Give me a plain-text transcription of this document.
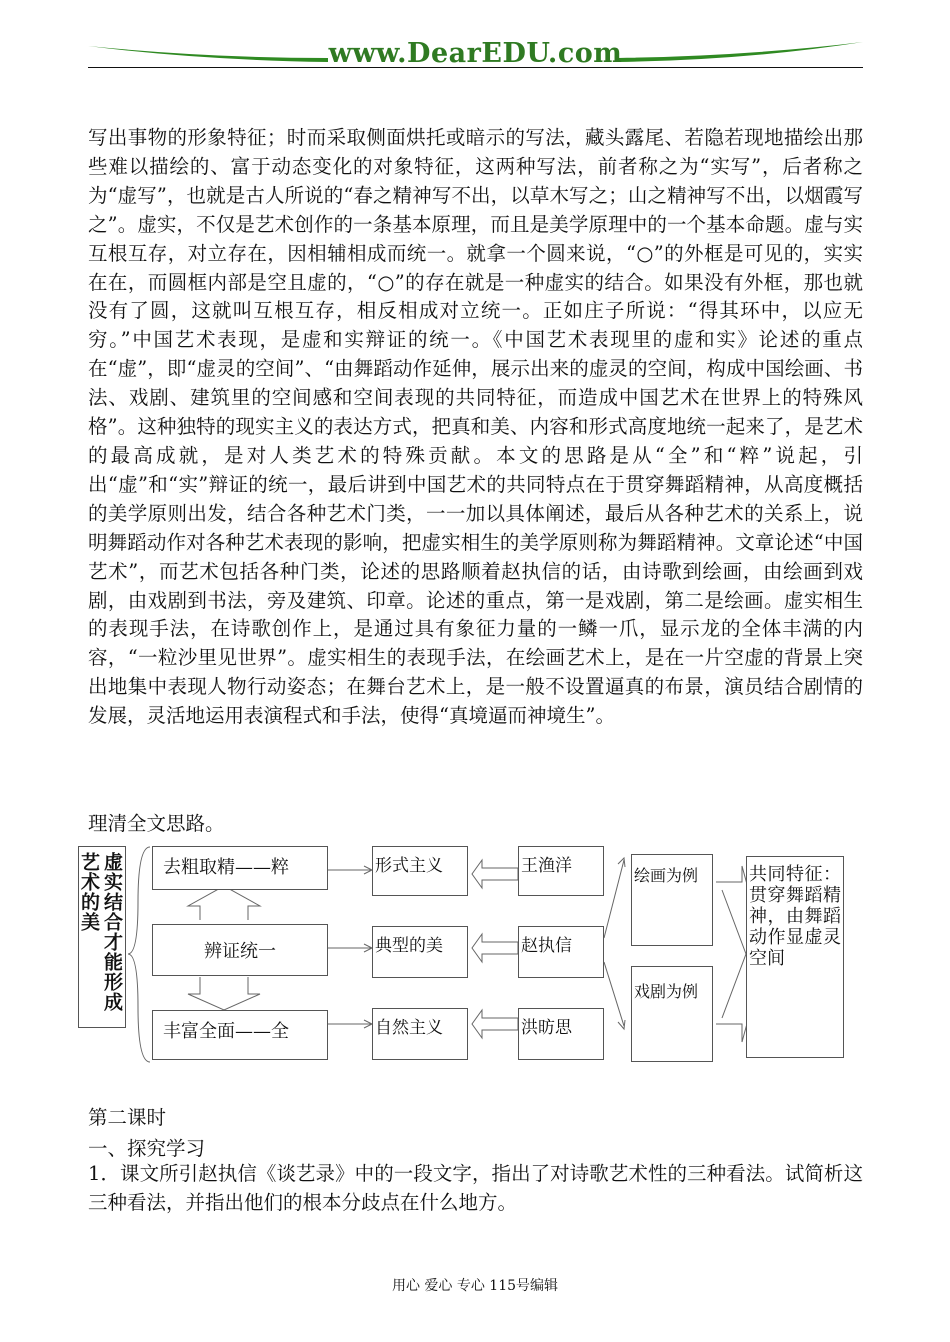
www.DearEDU.com

写出事物的形象特征；时而采取侧面烘托或暗示的写法，藏头露尾、若隐若现地描绘出那些难以描绘的、富于动态变化的对象特征，这两种写法，前者称之为“实写”，后者称之为“虚写”，也就是古人所说的“春之精神写不出，以草木写之；山之精神写不出，以烟霞写之”。虚实，不仅是艺术创作的一条基本原理，而且是美学原理中的一个基本命题。虚与实互根互存，对立存在，因相辅相成而统一。就拿一个圆来说，“○”的外框是可见的，实实在在，而圆框内部是空且虚的，“○”的存在就是一种虚实的结合。如果没有外框，那也就没有了圆，这就叫互根互存，相反相成对立统一。正如庄子所说：“得其环中，以应无穷。”中国艺术表现，是虚和实辩证的统一。《中国艺术表现里的虚和实》论述的重点在“虚”，即“虚灵的空间”、“由舞蹈动作延伸，展示出来的虚灵的空间，构成中国绘画、书法、戏剧、建筑里的空间感和空间表现的共同特征，而造成中国艺术在世界上的特殊风格”。这种独特的现实主义的表达方式，把真和美、内容和形式高度地统一起来了，是艺术的最高成就，是对人类艺术的特殊贡献。本文的思路是从“全”和“粹”说起，引出“虚”和“实”辩证的统一，最后讲到中国艺术的共同特点在于贯穿舞蹈精神，从高度概括的美学原则出发，结合各种艺术门类，一一加以具体阐述，最后从各种艺术的关系上，说明舞蹈动作对各种艺术表现的影响，把虚实相生的美学原则称为舞蹈精神。文章论述“中国艺术”，而艺术包括各种门类，论述的思路顺着赵执信的话，由诗歌到绘画，由绘画到戏剧，由戏剧到书法，旁及建筑、印章。论述的重点，第一是戏剧，第二是绘画。虚实相生的表现手法，在诗歌创作上，是通过具有象征力量的一鳞一爪，显示龙的全体丰满的内容，“一粒沙里见世界”。虚实相生的表现手法，在绘画艺术上，是在一片空虚的背景上突出地集中表现人物行动姿态；在舞台艺术上，是一般不设置逼真的布景，演员结合剧情的发展，灵活地运用表演程式和手法，使得“真境逼而神境生”。

理清全文思路。

虚实结合才能形成艺术的美	去粗取精——粹
辨证统一
丰富全面——全
形式主义
典型的美
自然主义
王渔洋
赵执信
洪昉思
绘画为例
戏剧为例
共同特征：贯穿舞蹈精神，由舞蹈动作显虚灵空间

第二课时

一、探究学习

1．课文所引赵执信《谈艺录》中的一段文字，指出了对诗歌艺术性的三种看法。试简析这三种看法，并指出他们的根本分歧点在什么地方。

用心 爱心 专心 115号编辑
